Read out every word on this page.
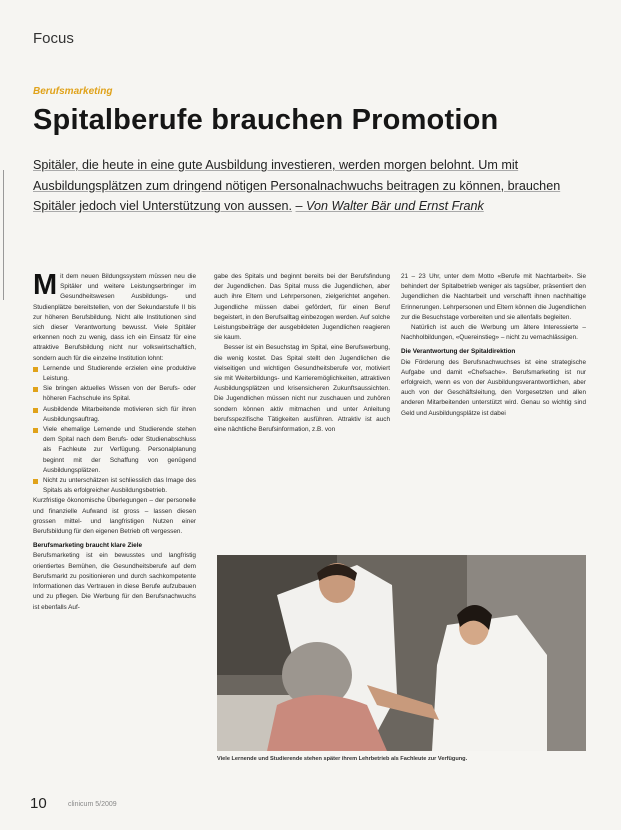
Focus
Berufsmarketing
Spitalberufe brauchen Promotion
Spitäler, die heute in eine gute Ausbildung investieren, werden morgen belohnt. Um mit Ausbildungsplätzen zum dringend nötigen Personalnachwuchs beitragen zu können, brauchen Spitäler jedoch viel Unterstützung von aussen. – Von Walter Bär und Ernst Frank
M it dem neuen Bildungssystem müssen neu die Spitäler und weitere Leistungserbringer im Gesundheitswesen Ausbildungs- und Studienplätze bereitstellen, von der Sekundarstufe II bis zur höheren Berufsbildung. Nicht alle Institutionen sind sich dieser Verantwortung bewusst. Viele Spitäler erkennen noch zu wenig, dass ich ein Einsatz für eine attraktive Berufsbildung nicht nur volkswirtschaftlich, sondern auch für die einzelne Institution lohnt:
Lernende und Studierende erzielen eine produktive Leistung.
Sie bringen aktuelles Wissen von der Berufs- oder höheren Fachschule ins Spital.
Ausbildende Mitarbeitende motivieren sich für ihren Ausbildungsauftrag.
Viele ehemalige Lernende und Studierende stehen dem Spital nach dem Berufs- oder Studienabschluss als Fachleute zur Verfügung. Personalplanung beginnt mit der Schaffung von genügend Ausbildungsplätzen.
Nicht zu unterschätzen ist schliesslich das Image des Spitals als erfolgreicher Ausbildungsbetrieb.
Kurzfristige ökonomische Überlegungen – der personelle und finanzielle Aufwand ist gross – lassen diesen grossen mittel- und langfristigen Nutzen einer Berufsbildung für den eigenen Betrieb oft vergessen.
Berufsmarketing braucht klare Ziele
Berufsmarketing ist ein bewusstes und langfristig orientiertes Bemühen, die Gesundheitsberufe auf dem Berufsmarkt zu positionieren und durch sachkompetente Informationen das Vertrauen in diese Berufe aufzubauen und zu pflegen. Die Werbung für den Berufsnachwuchs ist ebenfalls Auf-
gabe des Spitals und beginnt bereits bei der Berufsfindung der Jugendlichen. Das Spital muss die Jugendlichen, aber auch ihre Eltern und Lehrpersonen, zielgerichtet angehen. Jugendliche müssen dabei gefördert, für einen Beruf begeistert, in den Berufsalltag einbezogen werden. Auf solche Leistungsbeiträge der ausgebildeten Jugendlichen reagieren sie kaum.
Besser ist ein Besuchstag im Spital, eine Berufswerbung, die wenig kostet. Das Spital stellt den Jugendlichen die vielseitigen und wichtigen Gesundheitsberufe vor, motiviert sie mit Weiterbildungs- und Karrieremöglichkeiten, attraktiven Ausbildungsplätzen und krisensicheren Zukunftsaussichten. Die Jugendlichen müssen nicht nur zuschauen und zuhören sondern können aktiv mitmachen und unter Anleitung berufsspezifische Tätigkeiten ausführen. Attraktiv ist auch eine nächtliche Berufsinformation, z.B. von
21 – 23 Uhr, unter dem Motto «Berufe mit Nachtarbeit». Sie behindert der Spitalbetrieb weniger als tagsüber, präsentiert den Jugendlichen die Nachtarbeit und verschafft ihnen nachhaltige Erinnerungen. Lehrpersonen und Eltern können die Jugendlichen zur die Besuchstage vorbereiten und sie allenfalls begleiten.
Natürlich ist auch die Werbung um ältere Interessierte – Nachholbildungen, «Quereinstieg» – nicht zu vernachlässigen.
Die Verantwortung der Spitaldirektion
Die Förderung des Berufsnachwuchses ist eine strategische Aufgabe und damit «Chefsache». Berufsmarketing ist nur erfolgreich, wenn es von der Ausbildungsverantwortlichen, aber auch von der Geschäftsleitung, den Vorgesetzten und allen anderen Mitarbeitenden unterstützt wird. Genau so wichtig sind Geld und Ausbildungsplätze ist dabei
Viele Lernende und Studierende stehen später ihrem Lehrbetrieb als Fachleute zur Verfügung.
10	clinicum 5/2009
